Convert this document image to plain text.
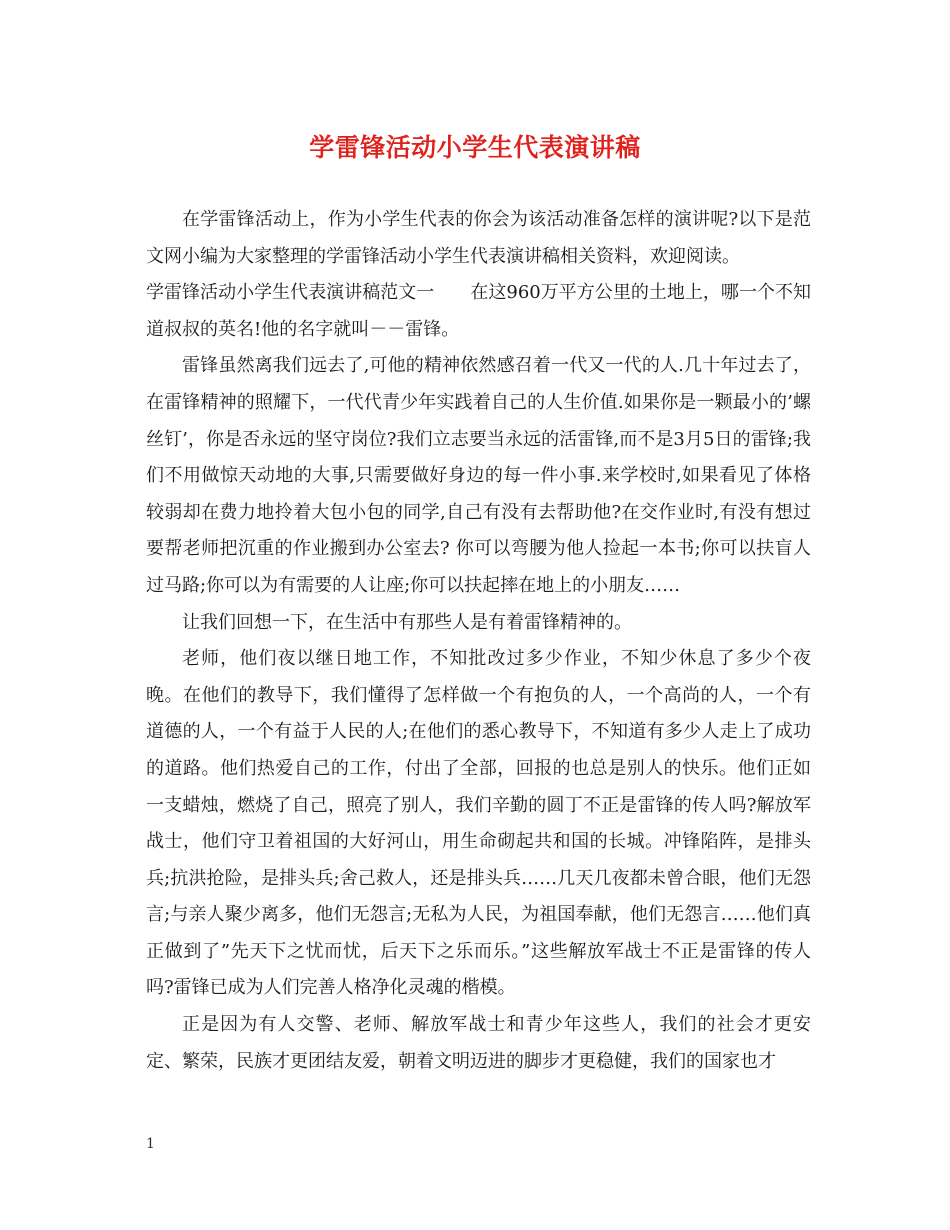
学雷锋活动小学生代表演讲稿

在学雷锋活动上，作为小学生代表的你会为该活动准备怎样的演讲呢?以下是范文网小编为大家整理的学雷锋活动小学生代表演讲稿相关资料，欢迎阅读。

学雷锋活动小学生代表演讲稿范文一 在这960万平方公里的土地上，哪一个不知道叔叔的英名!他的名字就叫－－雷锋。

雷锋虽然离我们远去了,可他的精神依然感召着一代又一代的人.几十年过去了，在雷锋精神的照耀下，一代代青少年实践着自己的人生价值.如果你是一颗最小的’螺丝钉’，你是否永远的坚守岗位?我们立志要当永远的活雷锋,而不是3月5日的雷锋;我们不用做惊天动地的大事,只需要做好身边的每一件小事.来学校时,如果看见了体格较弱却在费力地拎着大包小包的同学,自己有没有去帮助他?在交作业时,有没有想过要帮老师把沉重的作业搬到办公室去? 你可以弯腰为他人捡起一本书;你可以扶盲人过马路;你可以为有需要的人让座;你可以扶起摔在地上的小朋友……

让我们回想一下，在生活中有那些人是有着雷锋精神的。

老师，他们夜以继日地工作，不知批改过多少作业，不知少休息了多少个夜晚。在他们的教导下，我们懂得了怎样做一个有抱负的人，一个高尚的人，一个有道德的人，一个有益于人民的人;在他们的悉心教导下，不知道有多少人走上了成功的道路。他们热爱自己的工作，付出了全部，回报的也总是别人的快乐。他们正如一支蜡烛，燃烧了自己，照亮了别人，我们辛勤的圆丁不正是雷锋的传人吗?解放军战士，他们守卫着祖国的大好河山，用生命砌起共和国的长城。冲锋陷阵，是排头兵;抗洪抢险，是排头兵;舍己救人，还是排头兵……几天几夜都未曾合眼，他们无怨言;与亲人聚少离多，他们无怨言;无私为人民，为祖国奉献，他们无怨言……他们真正做到了”先天下之忧而忧，后天下之乐而乐。”这些解放军战士不正是雷锋的传人吗?雷锋已成为人们完善人格净化灵魂的楷模。

正是因为有人交警、老师、解放军战士和青少年这些人，我们的社会才更安定、繁荣，民族才更团结友爱，朝着文明迈进的脚步才更稳健，我们的国家也才

1
